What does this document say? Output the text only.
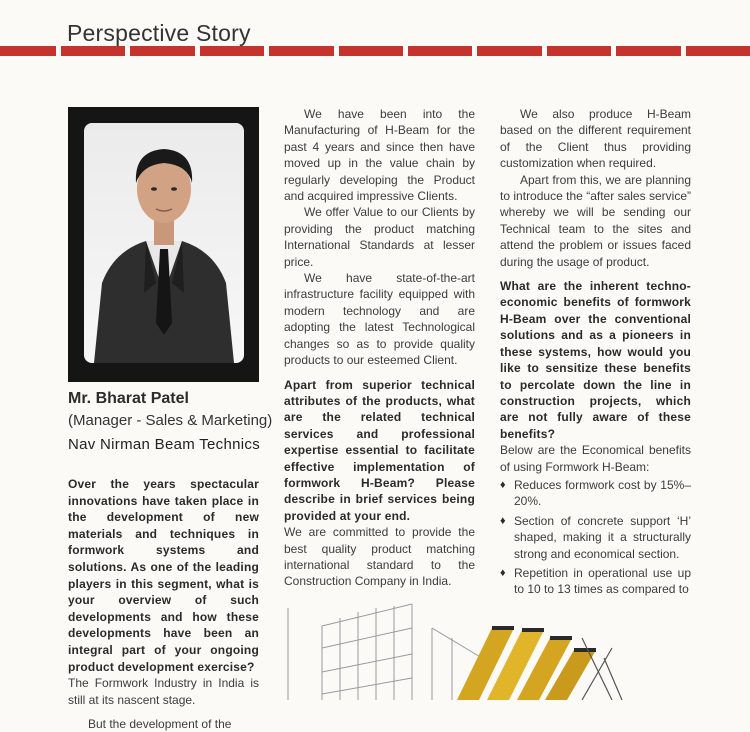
Perspective Story
Mr. Bharat Patel
(Manager - Sales & Marketing)
Nav Nirman Beam Technics

Over the years spectacular innovations have taken place in the development of new materials and techniques in formwork systems and solutions. As one of the leading players in this segment, what is your overview of such developments and how these developments have been an integral part of your ongoing product development exercise?

The Formwork Industry in India is still at its nascent stage.

But the development of the

We have been into the Manufacturing of H-Beam for the past 4 years and since then have moved up in the value chain by regularly developing the Product and acquired impressive Clients.

We offer Value to our Clients by providing the product matching International Standards at lesser price.

We have state-of-the-art infrastructure facility equipped with modern technology and are adopting the latest Technological changes so as to provide quality products to our esteemed Client.

Apart from superior technical attributes of the products, what are the related technical services and professional expertise essential to facilitate effective implementation of formwork H-Beam? Please describe in brief services being provided at your end.

We are committed to provide the best quality product matching international standard to the Construction Company in India.

We also produce H-Beam based on the different requirement of the Client thus providing customization when required.

Apart from this, we are planning to introduce the “after sales service” whereby we will be sending our Technical team to the sites and attend the problem or issues faced during the usage of product.

What are the inherent techno-economic benefits of formwork H-Beam over the conventional solutions and as a pioneers in these systems, how would you like to sensitize these benefits to percolate down the line in construction projects, which are not fully aware of these benefits?

Below are the Economical benefits of using Formwork H-Beam:

♦ Reduces formwork cost by 15%–20%.
♦ Section of concrete support ‘H’ shaped, making it a structurally strong and economical section.
♦ Repetition in operational use up to 10 to 13 times as compared to
